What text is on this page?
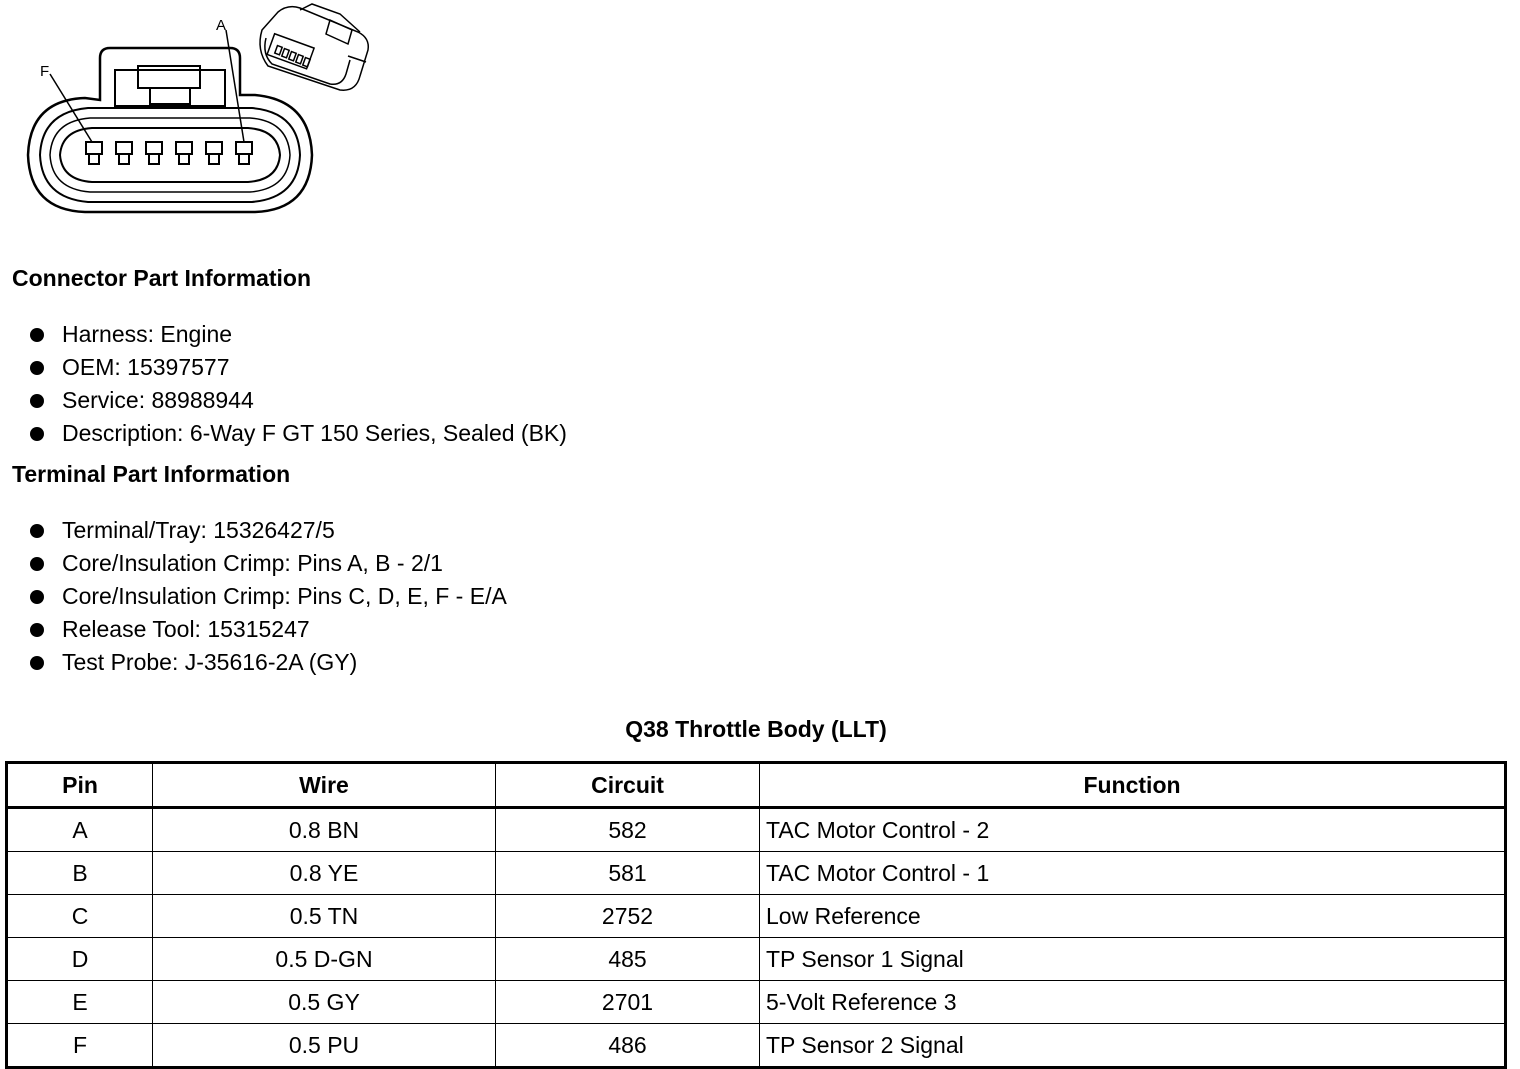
F
A
Connector Part Information
Harness: Engine
OEM: 15397577
Service: 88988944
Description: 6-Way F GT 150 Series, Sealed (BK)
Terminal Part Information
Terminal/Tray: 15326427/5
Core/Insulation Crimp: Pins A, B - 2/1
Core/Insulation Crimp: Pins C, D, E, F - E/A
Release Tool: 15315247
Test Probe: J-35616-2A (GY)
Q38 Throttle Body (LLT)
Pin	Wire	Circuit	Function
A	0.8 BN	582	TAC Motor Control - 2
B	0.8 YE	581	TAC Motor Control - 1
C	0.5 TN	2752	Low Reference
D	0.5 D-GN	485	TP Sensor 1 Signal
E	0.5 GY	2701	5-Volt Reference 3
F	0.5 PU	486	TP Sensor 2 Signal
